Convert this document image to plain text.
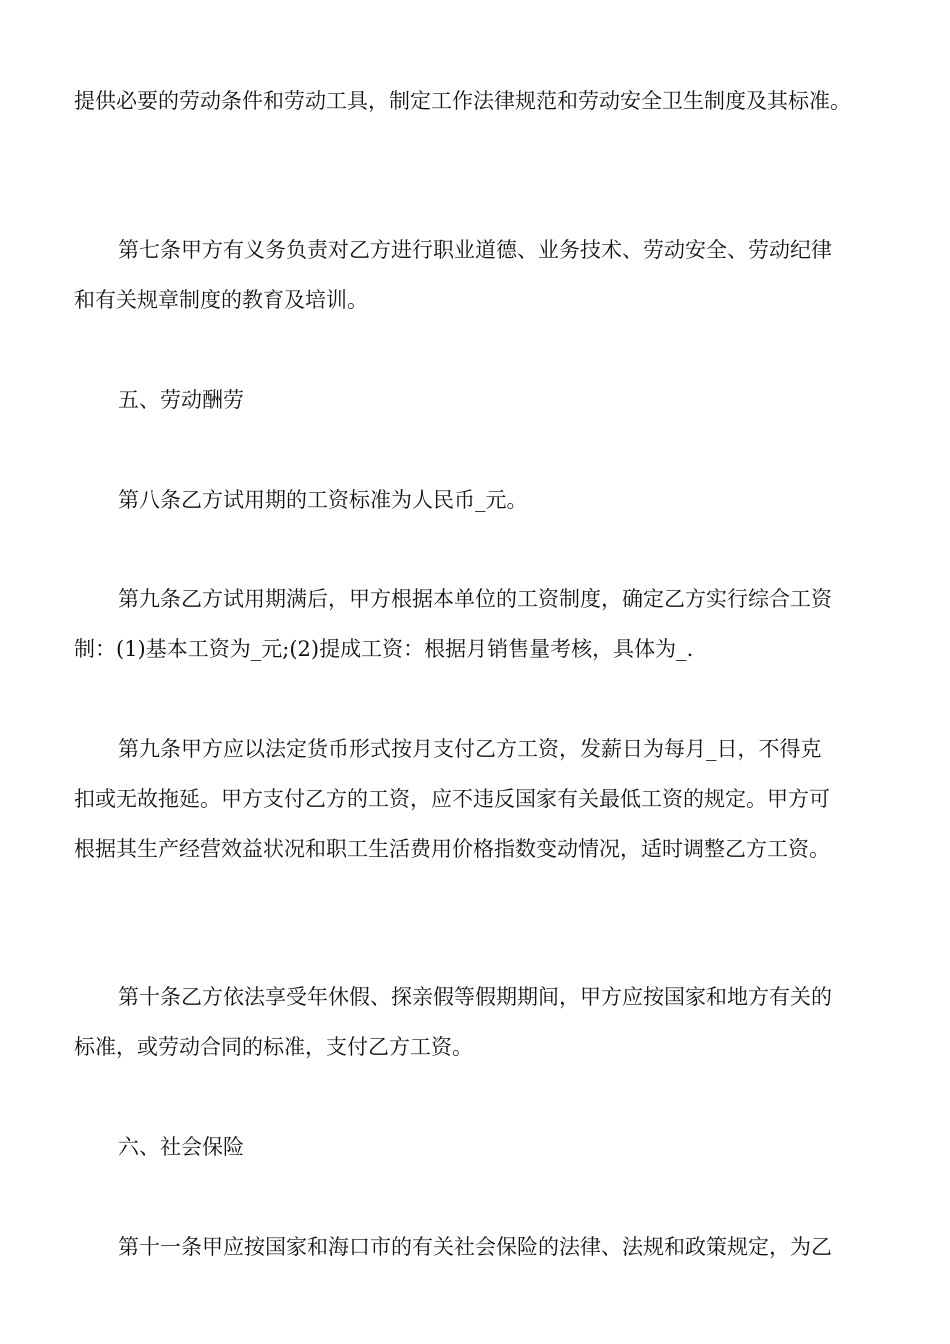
提供必要的劳动条件和劳动工具，制定工作法律规范和劳动安全卫生制度及其标准。
第七条甲方有义务负责对乙方进行职业道德、业务技术、劳动安全、劳动纪律
和有关规章制度的教育及培训。
五、劳动酬劳
第八条乙方试用期的工资标准为人民币_元。
第九条乙方试用期满后，甲方根据本单位的工资制度，确定乙方实行综合工资
制：(1)基本工资为_元;(2)提成工资：根据月销售量考核，具体为_.
第九条甲方应以法定货币形式按月支付乙方工资，发薪日为每月_日，不得克
扣或无故拖延。甲方支付乙方的工资，应不违反国家有关最低工资的规定。甲方可
根据其生产经营效益状况和职工生活费用价格指数变动情况，适时调整乙方工资。
第十条乙方依法享受年休假、探亲假等假期期间，甲方应按国家和地方有关的
标准，或劳动合同的标准，支付乙方工资。
六、社会保险
第十一条甲应按国家和海口市的有关社会保险的法律、法规和政策规定，为乙
